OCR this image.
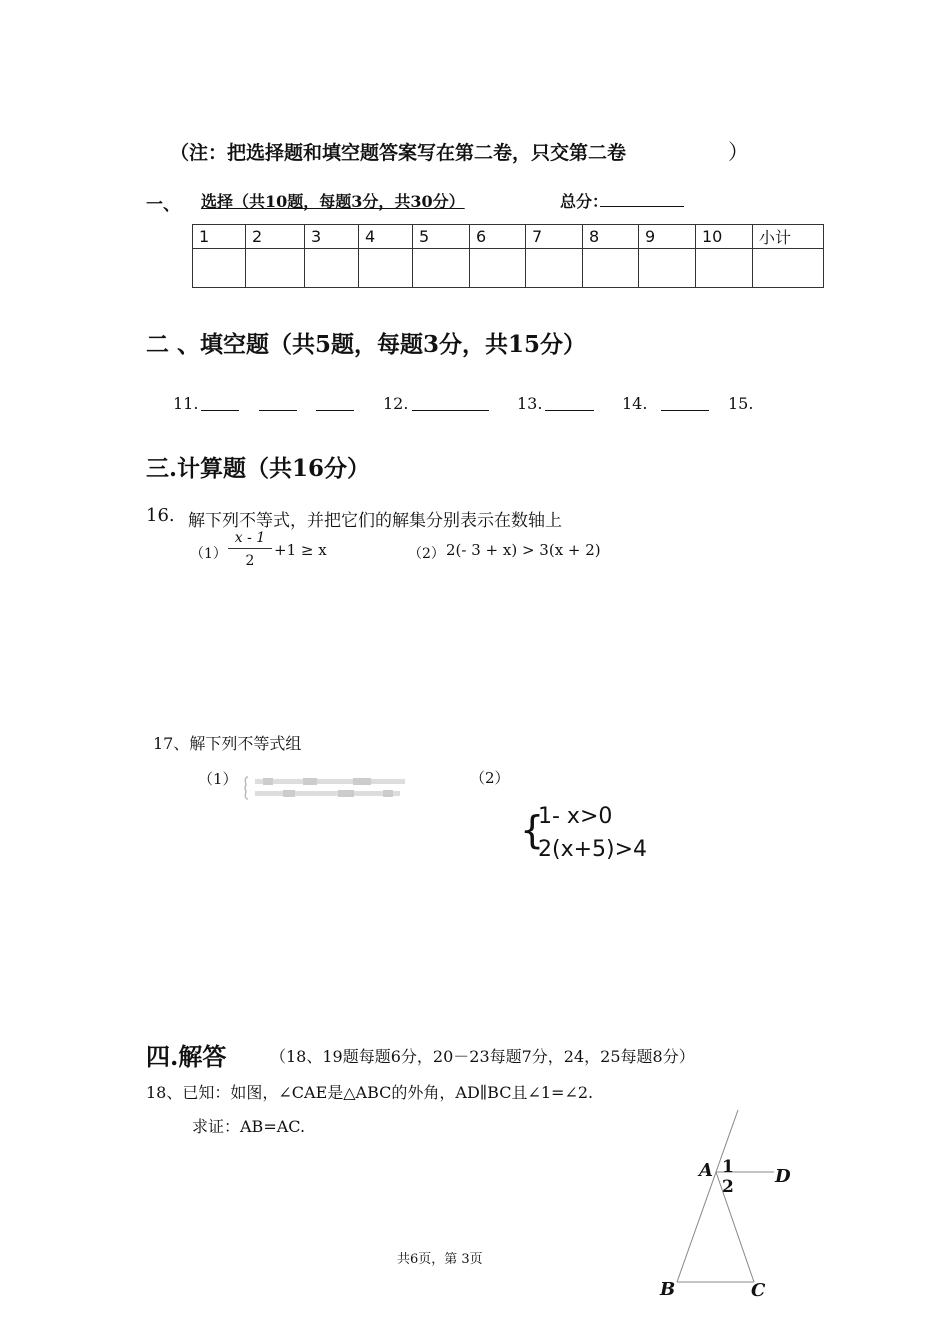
（注：把选择题和填空题答案写在第二卷，只交第二卷	）
一、 选择（共10题，每题3分，共30分）	总分：
1	2	3	4	5	6	7	8	9	10	小计

二 、填空题（共5题，每题3分，共15分）
11.	12.	13.	14.	15.
三.计算题（共16分）
16. 解下列不等式，并把它们的解集分别表示在数轴上
$(1) \frac{x - 1}{2} +1 \ge x$	（2） 2(- 3 + x) > 3(x + 2)
17、解下列不等式组
（1）	（2）
{
1- x>0
2(x+5)>4
四.解答	（18、19题每题6分，20－23每题7分，24，25每题8分）
18、已知：如图，∠CAE是△ABC的外角，AD∥BC且∠1=∠2.
求证：AB=AC.
A 1
2 D
B	C
共6页，第 3页
